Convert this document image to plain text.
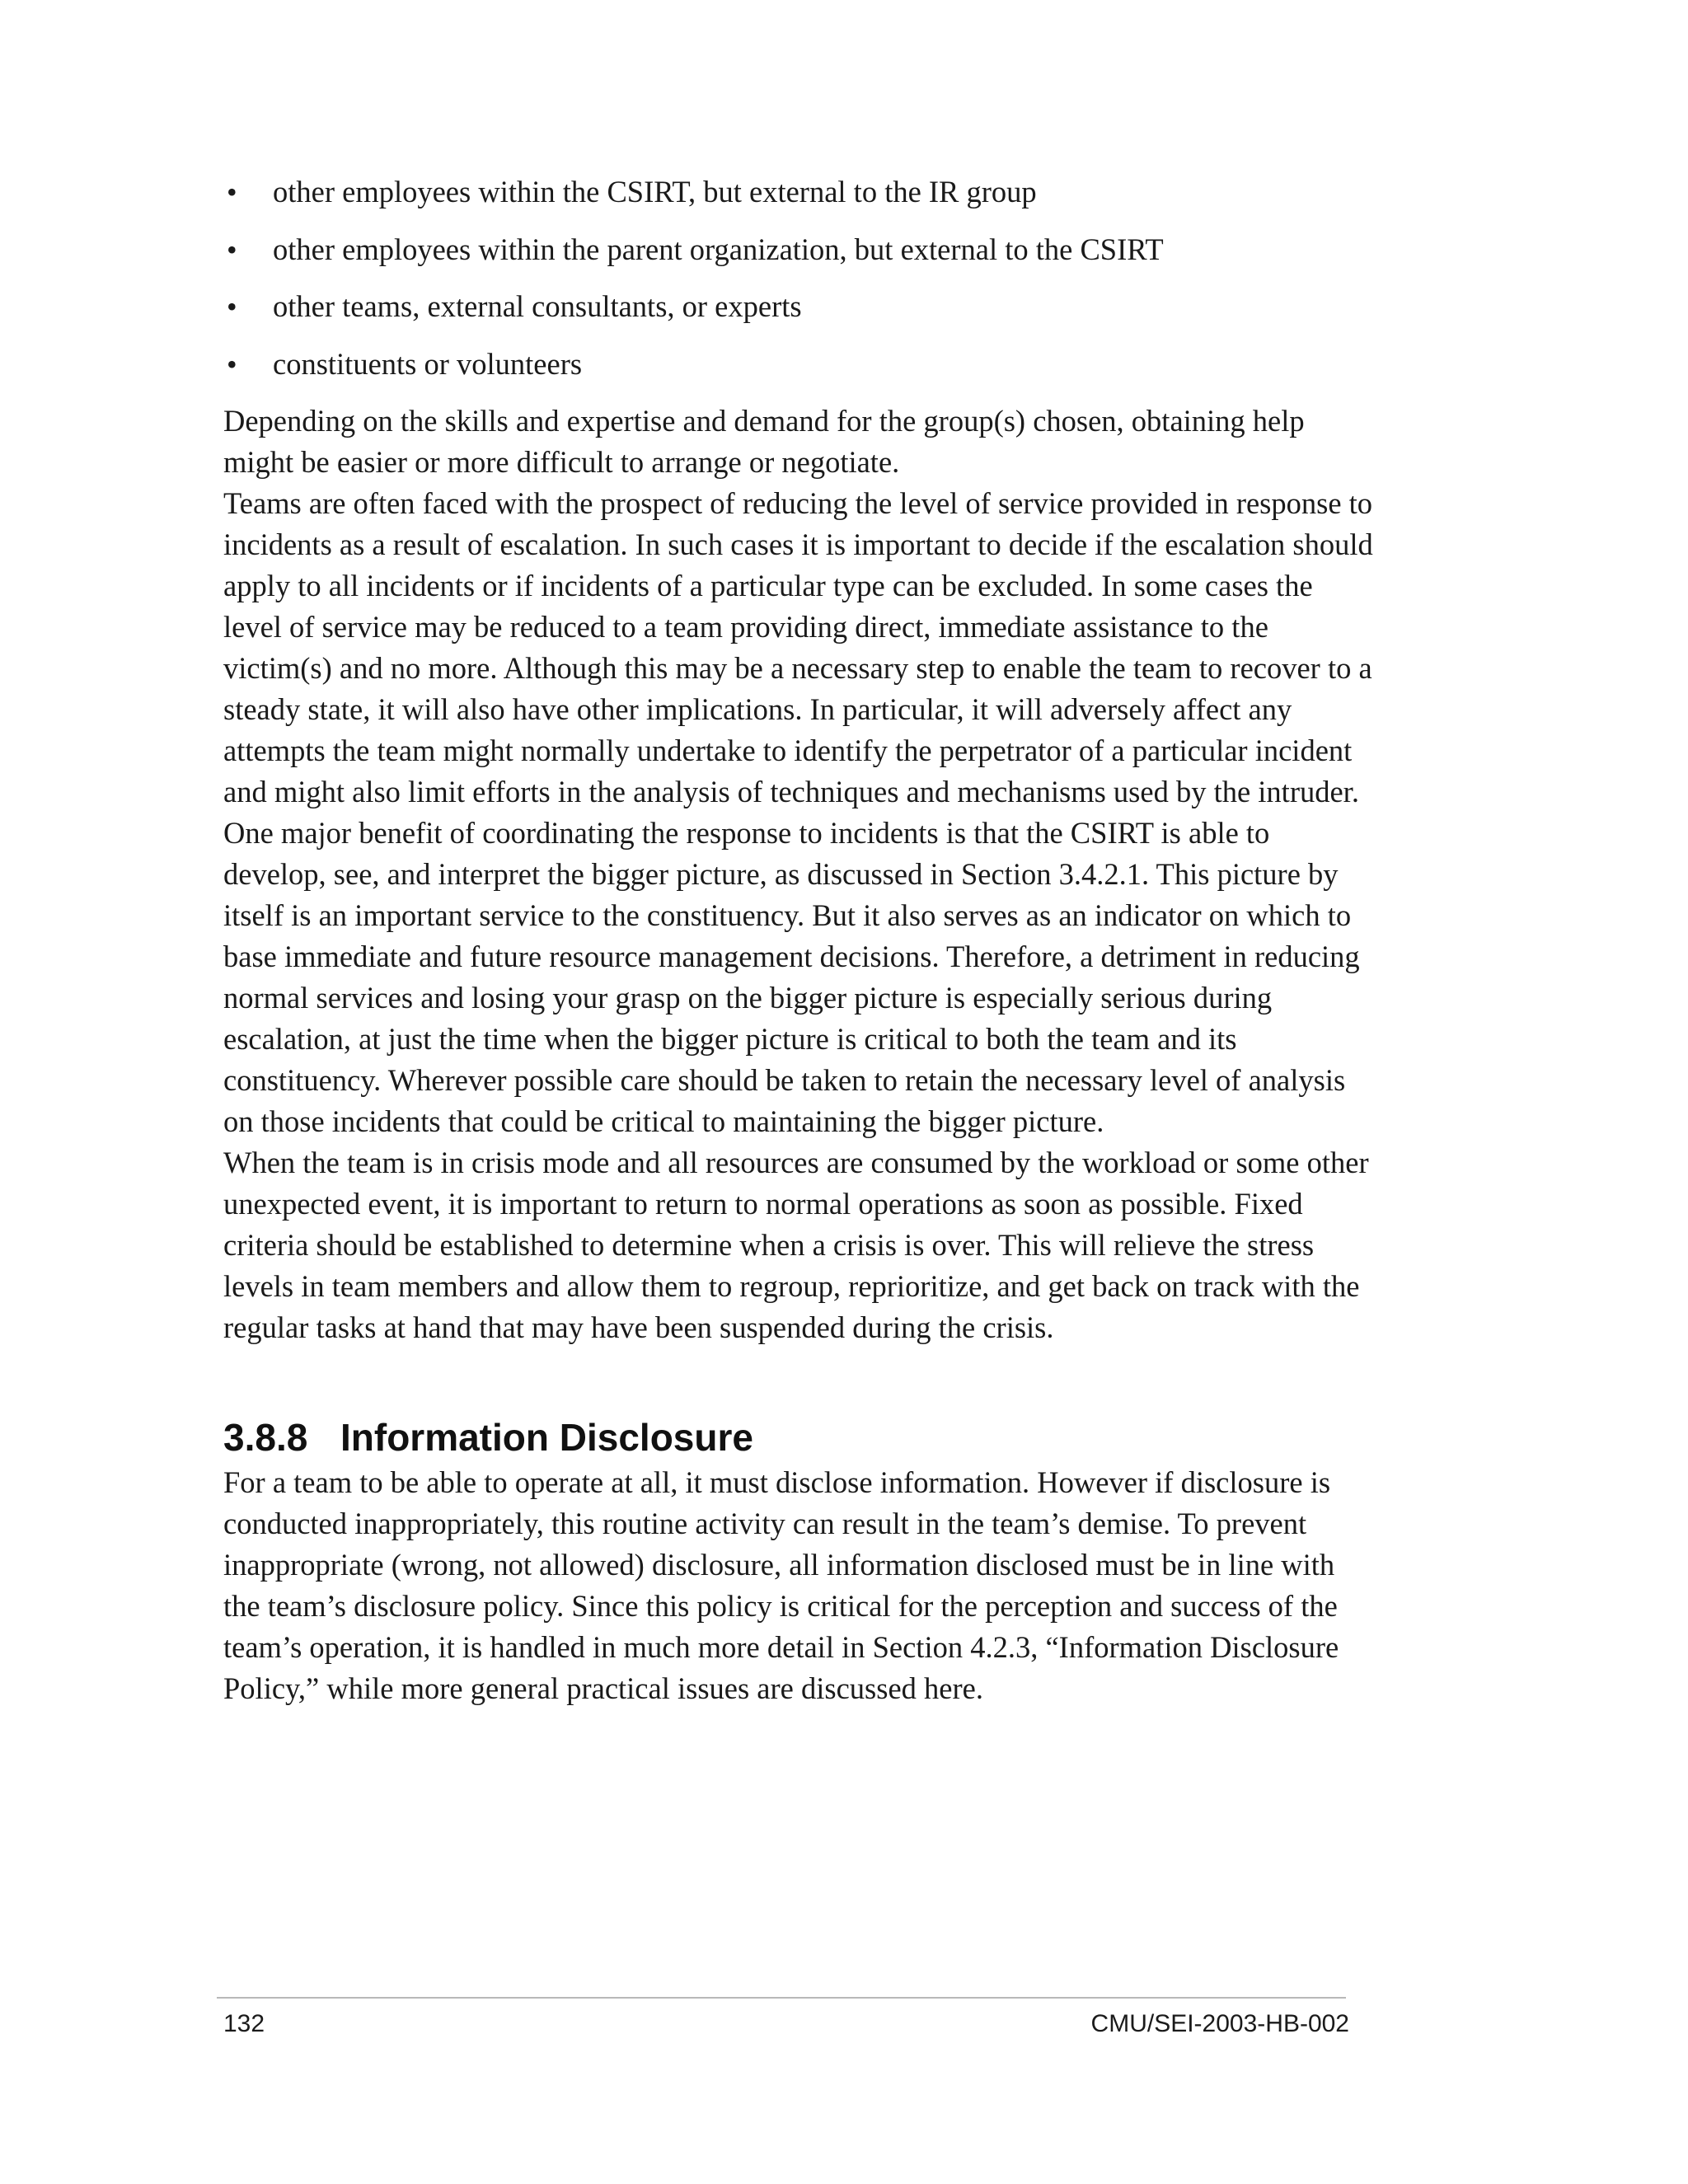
• other employees within the CSIRT, but external to the IR group
• other employees within the parent organization, but external to the CSIRT
• other teams, external consultants, or experts
• constituents or volunteers

Depending on the skills and expertise and demand for the group(s) chosen, obtaining help might be easier or more difficult to arrange or negotiate.

Teams are often faced with the prospect of reducing the level of service provided in response to incidents as a result of escalation. In such cases it is important to decide if the escalation should apply to all incidents or if incidents of a particular type can be excluded. In some cases the level of service may be reduced to a team providing direct, immediate assistance to the victim(s) and no more. Although this may be a necessary step to enable the team to recover to a steady state, it will also have other implications. In particular, it will adversely affect any attempts the team might normally undertake to identify the perpetrator of a particular incident and might also limit efforts in the analysis of techniques and mechanisms used by the intruder.

One major benefit of coordinating the response to incidents is that the CSIRT is able to develop, see, and interpret the bigger picture, as discussed in Section 3.4.2.1. This picture by itself is an important service to the constituency. But it also serves as an indicator on which to base immediate and future resource management decisions. Therefore, a detriment in reducing normal services and losing your grasp on the bigger picture is especially serious during escalation, at just the time when the bigger picture is critical to both the team and its constituency. Wherever possible care should be taken to retain the necessary level of analysis on those incidents that could be critical to maintaining the bigger picture.

When the team is in crisis mode and all resources are consumed by the workload or some other unexpected event, it is important to return to normal operations as soon as possible. Fixed criteria should be established to determine when a crisis is over. This will relieve the stress levels in team members and allow them to regroup, reprioritize, and get back on track with the regular tasks at hand that may have been suspended during the crisis.

3.8.8 Information Disclosure

For a team to be able to operate at all, it must disclose information. However if disclosure is conducted inappropriately, this routine activity can result in the team’s demise. To prevent inappropriate (wrong, not allowed) disclosure, all information disclosed must be in line with the team’s disclosure policy. Since this policy is critical for the perception and success of the team’s operation, it is handled in much more detail in Section 4.2.3, “Information Disclosure Policy,” while more general practical issues are discussed here.

132	CMU/SEI-2003-HB-002
